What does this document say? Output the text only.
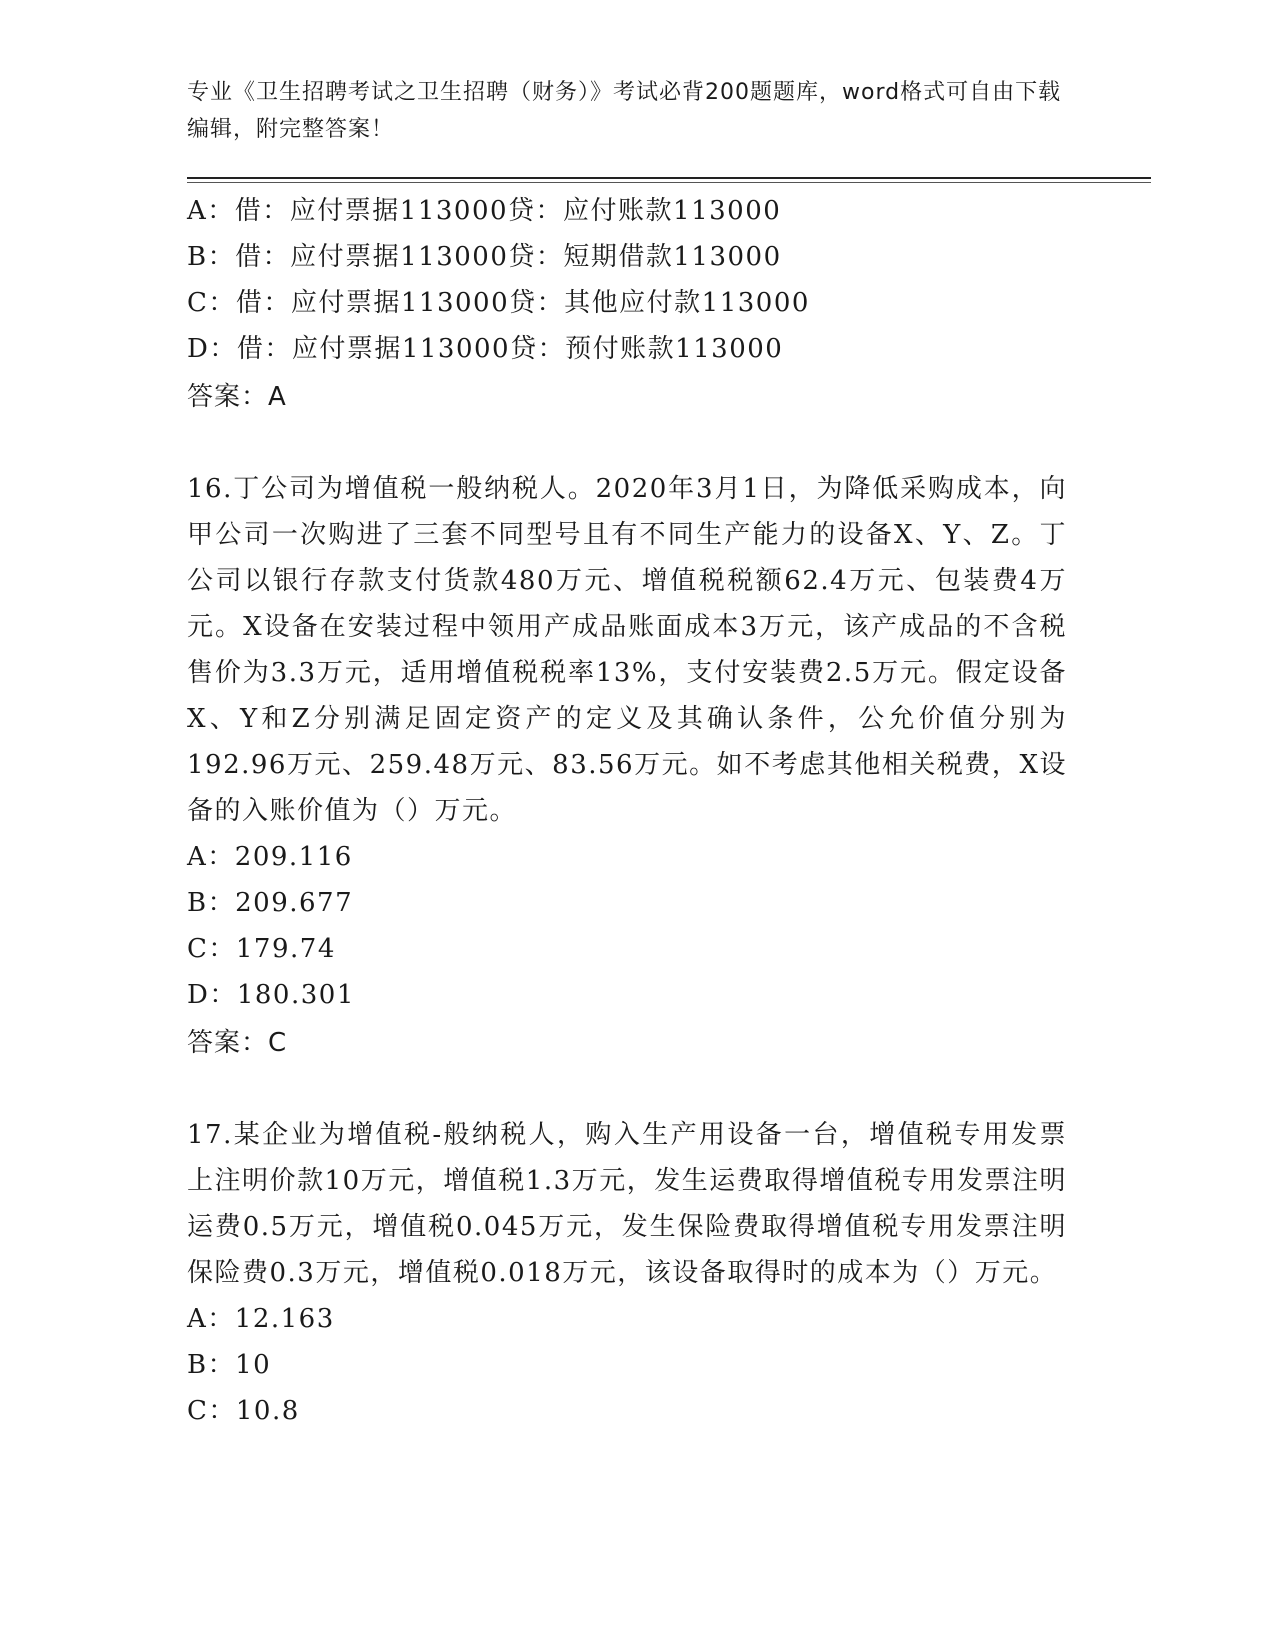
专业《卫生招聘考试之卫生招聘（财务）》考试必背200题题库，word格式可自由下载编辑，附完整答案！
A：借：应付票据113000贷：应付账款113000
B：借：应付票据113000贷：短期借款113000
C：借：应付票据113000贷：其他应付款113000
D：借：应付票据113000贷：预付账款113000
答案：A
16.丁公司为增值税一般纳税人。2020年3月1日，为降低采购成本，向甲公司一次购进了三套不同型号且有不同生产能力的设备X、Y、Z。丁公司以银行存款支付货款480万元、增值税税额62.4万元、包装费4万元。X设备在安装过程中领用产成品账面成本3万元，该产成品的不含税售价为3.3万元，适用增值税税率13%，支付安装费2.5万元。假定设备X、Y和Z分别满足固定资产的定义及其确认条件，公允价值分别为192.96万元、259.48万元、83.56万元。如不考虑其他相关税费，X设备的入账价值为（）万元。
A：209.116
B：209.677
C：179.74
D：180.301
答案：C
17.某企业为增值税-般纳税人，购入生产用设备一台，增值税专用发票上注明价款10万元，增值税1.3万元，发生运费取得增值税专用发票注明运费0.5万元，增值税0.045万元，发生保险费取得增值税专用发票注明保险费0.3万元，增值税0.018万元，该设备取得时的成本为（）万元。
A：12.163
B：10
C：10.8
